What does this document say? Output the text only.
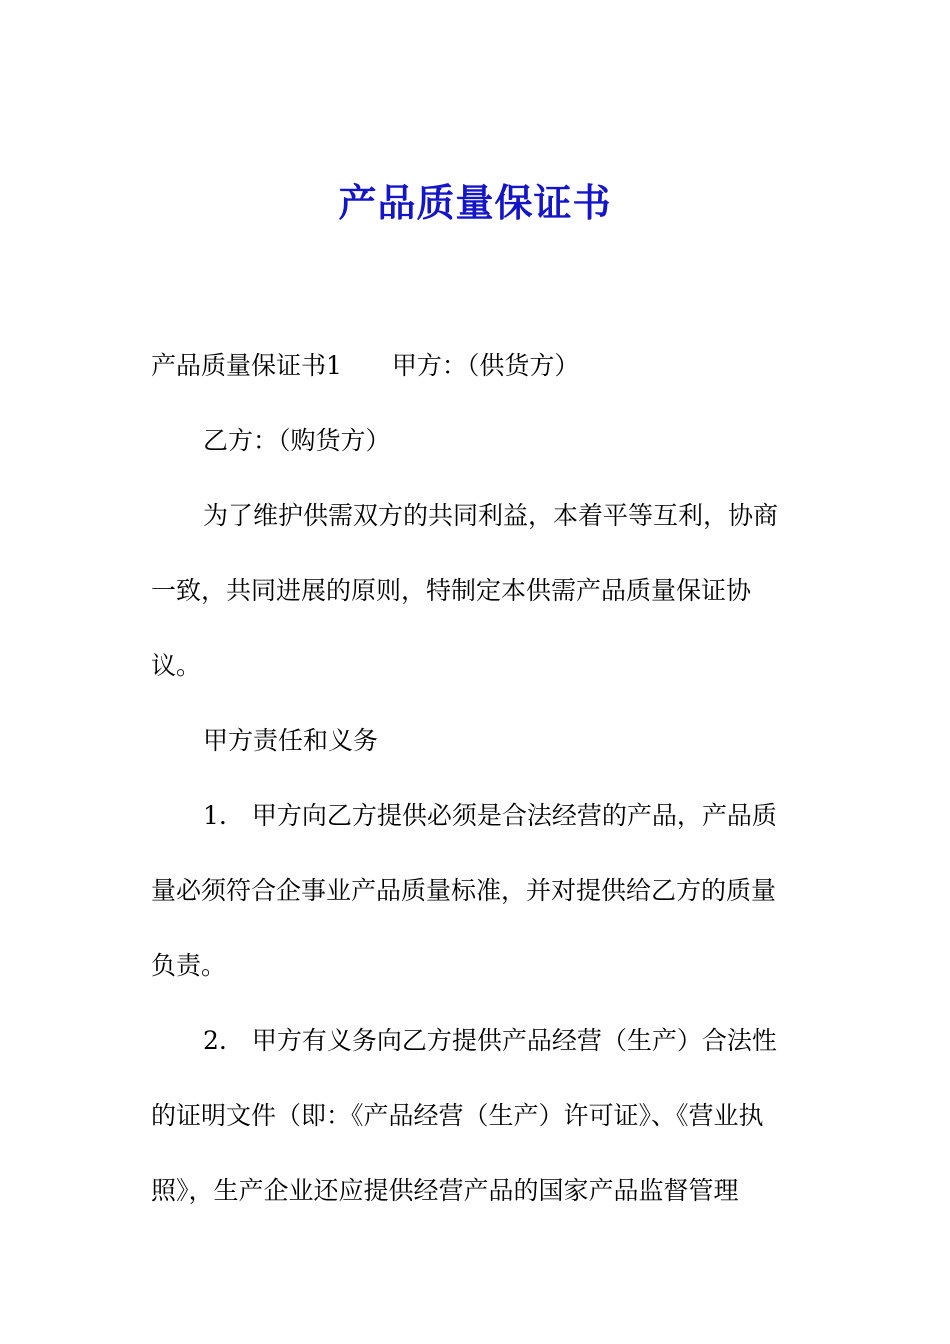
产品质量保证书

产品质量保证书1 甲方：（供货方）

乙方：（购货方）

为了维护供需双方的共同利益，本着平等互利，协商一致，共同进展的原则，特制定本供需产品质量保证协议。

甲方责任和义务

1.　甲方向乙方提供必须是合法经营的产品，产品质量必须符合企事业产品质量标准，并对提供给乙方的质量负责。

2.　甲方有义务向乙方提供产品经营（生产）合法性的证明文件（即：《产品经营（生产）许可证》、《营业执照》，生产企业还应提供经营产品的国家产品监督管理
